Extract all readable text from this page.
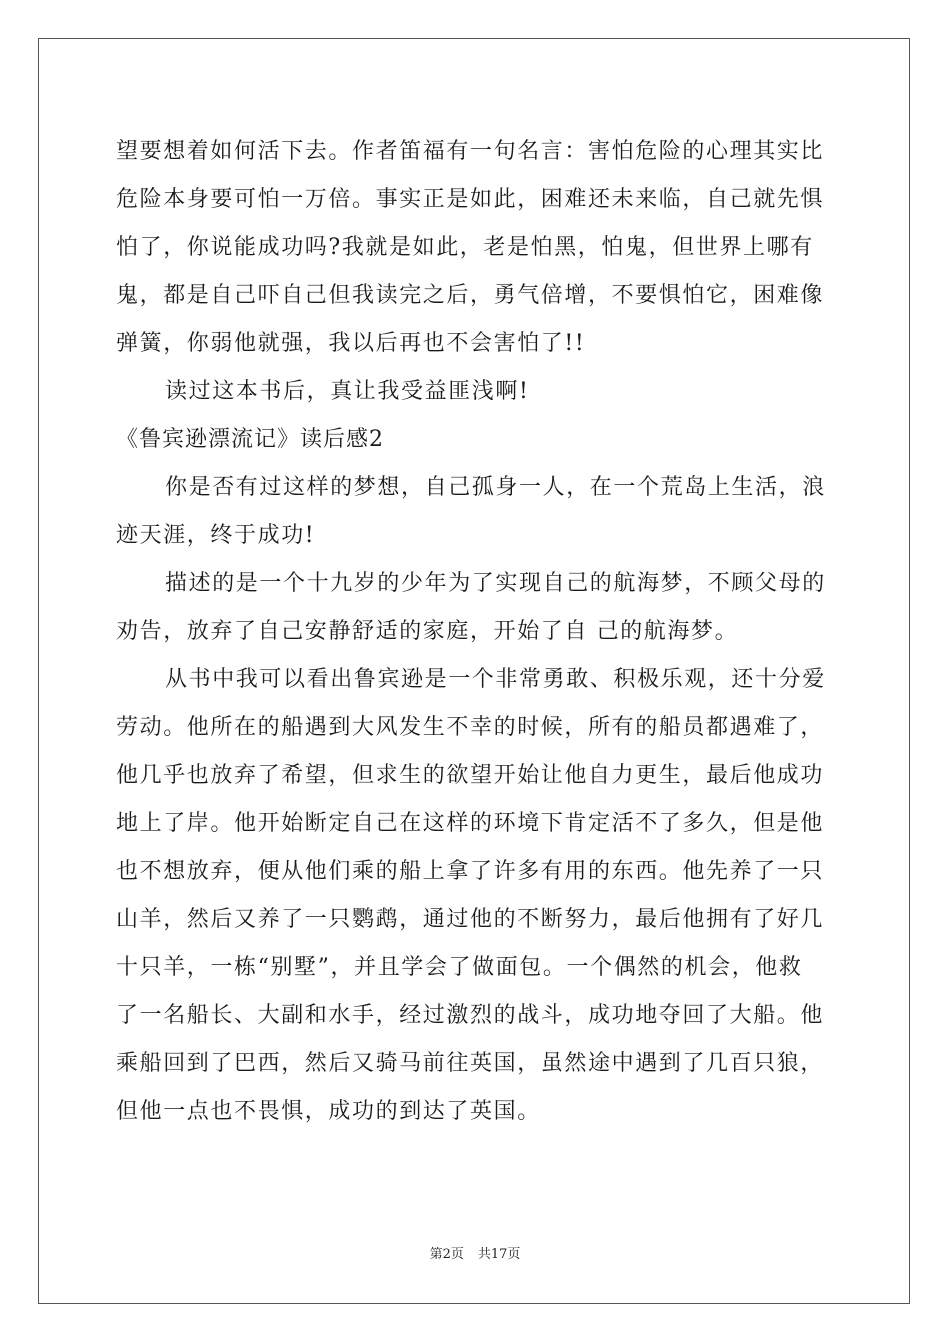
望要想着如何活下去。作者笛福有一句名言：害怕危险的心理其实比
危险本身要可怕一万倍。事实正是如此，困难还未来临，自己就先惧
怕了，你说能成功吗?我就是如此，老是怕黑，怕鬼，但世界上哪有
鬼，都是自己吓自己但我读完之后，勇气倍增，不要惧怕它，困难像
弹簧，你弱他就强，我以后再也不会害怕了!!
读过这本书后，真让我受益匪浅啊!
《鲁宾逊漂流记》读后感2
你是否有过这样的梦想，自己孤身一人，在一个荒岛上生活，浪
迹天涯，终于成功!
描述的是一个十九岁的少年为了实现自己的航海梦，不顾父母的
劝告，放弃了自己安静舒适的家庭，开始了自 己的航海梦。
从书中我可以看出鲁宾逊是一个非常勇敢、积极乐观，还十分爱
劳动。他所在的船遇到大风发生不幸的时候，所有的船员都遇难了，
他几乎也放弃了希望，但求生的欲望开始让他自力更生，最后他成功
地上了岸。他开始断定自己在这样的环境下肯定活不了多久，但是他
也不想放弃，便从他们乘的船上拿了许多有用的东西。他先养了一只
山羊，然后又养了一只鹦鹉，通过他的不断努力，最后他拥有了好几
十只羊，一栋“别墅”，并且学会了做面包。一个偶然的机会，他救
了一名船长、大副和水手，经过激烈的战斗，成功地夺回了大船。他
乘船回到了巴西，然后又骑马前往英国，虽然途中遇到了几百只狼，
但他一点也不畏惧，成功的到达了英国。
第2页 共17页
